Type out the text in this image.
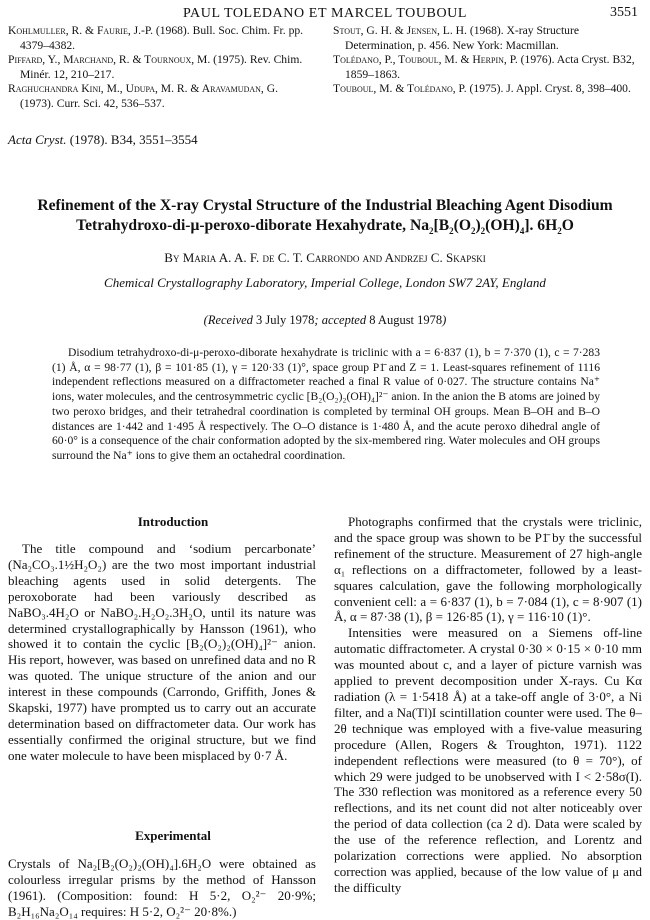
PAUL TOLEDANO ET MARCEL TOUBOUL	3551

Kohlmuller, R. & Faurie, J.-P. (1968). Bull. Soc. Chim. Fr. pp. 4379–4382.

Piffard, Y., Marchand, R. & Tournoux, M. (1975). Rev. Chim. Minér. 12, 210–217.

Raghuchandra Kini, M., Udupa, M. R. & Aravamudan, G. (1973). Curr. Sci. 42, 536–537.

Stout, G. H. & Jensen, L. H. (1968). X-ray Structure Determination, p. 456. New York: Macmillan.

Tolédano, P., Touboul, M. & Herpin, P. (1976). Acta Cryst. B32, 1859–1863.

Touboul, M. & Tolédano, P. (1975). J. Appl. Cryst. 8, 398–400.

Acta Cryst. (1978). B34, 3551–3554
Refinement of the X-ray Crystal Structure of the Industrial Bleaching Agent Disodium
Tetrahydroxo-di-μ-peroxo-diborate Hexahydrate, $Na_2[B_2(O_2)_2(OH)_4]$. $6H_2O$
By Maria A. A. F. de C. T. Carrondo and Andrzej C. Skapski
Chemical Crystallography Laboratory, Imperial College, London SW7 2AY, England
(Received 3 July 1978; accepted 8 August 1978)

Disodium tetrahydroxo-di-μ-peroxo-diborate hexahydrate is triclinic with a = 6·837 (1), b = 7·370 (1), c = 7·283 (1) Å, α = 98·77 (1), β = 101·85 (1), γ = 120·33 (1)°, space group P1̄ and Z = 1. Least-squares refinement of 1116 independent reflections measured on a diffractometer reached a final R value of 0·027. The structure contains Na⁺ ions, water molecules, and the centrosymmetric cyclic [B₂(O₂)₂(OH)₄]²⁻ anion. In the anion the B atoms are joined by two peroxo bridges, and their tetrahedral coordination is completed by terminal OH groups. Mean B–OH and B–O distances are 1·442 and 1·495 Å respectively. The O–O distance is 1·480 Å, and the acute peroxo dihedral angle of 60·0° is a consequence of the chair conformation adopted by the six-membered ring. Water molecules and OH groups surround the Na⁺ ions to give them an octahedral coordination.

Introduction

The title compound and ‘sodium percarbonate’ (Na₂CO₃.1½H₂O₂) are the two most important industrial bleaching agents used in solid detergents. The peroxoborate had been variously described as NaBO₃.4H₂O or NaBO₂.H₂O₂.3H₂O, until its nature was determined crystallographically by Hansson (1961), who showed it to contain the cyclic [B₂(O₂)₂(OH)₄]²⁻ anion. His report, however, was based on unrefined data and no R was quoted. The unique structure of the anion and our interest in these compounds (Carrondo, Griffith, Jones & Skapski, 1977) have prompted us to carry out an accurate determination based on diffractometer data. Our work has essentially confirmed the original structure, but we find one water molecule to have been misplaced by 0·7 Å.

Experimental

Crystals of Na₂[B₂(O₂)₂(OH)₄].6H₂O were obtained as colourless irregular prisms by the method of Hansson (1961). (Composition: found: H 5·2, O₂²⁻ 20·9%; B₂H₁₆Na₂O₁₄ requires: H 5·2, O₂²⁻ 20·8%.)

Photographs confirmed that the crystals were triclinic, and the space group was shown to be P1̄ by the successful refinement of the structure. Measurement of 27 high-angle α₁ reflections on a diffractometer, followed by a least-squares calculation, gave the following morphologically convenient cell: a = 6·837 (1), b = 7·084 (1), c = 8·907 (1) Å, α = 87·38 (1), β = 126·85 (1), γ = 116·10 (1)°.

Intensities were measured on a Siemens off-line automatic diffractometer. A crystal 0·30 × 0·15 × 0·10 mm was mounted about c, and a layer of picture varnish was applied to prevent decomposition under X-rays. Cu Kα radiation (λ = 1·5418 Å) at a take-off angle of 3·0°, a Ni filter, and a Na(Tl)I scintillation counter were used. The θ–2θ technique was employed with a five-value measuring procedure (Allen, Rogers & Troughton, 1971). 1122 independent reflections were measured (to θ = 70°), of which 29 were judged to be unobserved with I < 2·58σ(I). The 3̄30 reflection was monitored as a reference every 50 reflections, and its net count did not alter noticeably over the period of data collection (ca 2 d). Data were scaled by the use of the reference reflection, and Lorentz and polarization corrections were applied. No absorption correction was applied, because of the low value of μ and the difficulty
